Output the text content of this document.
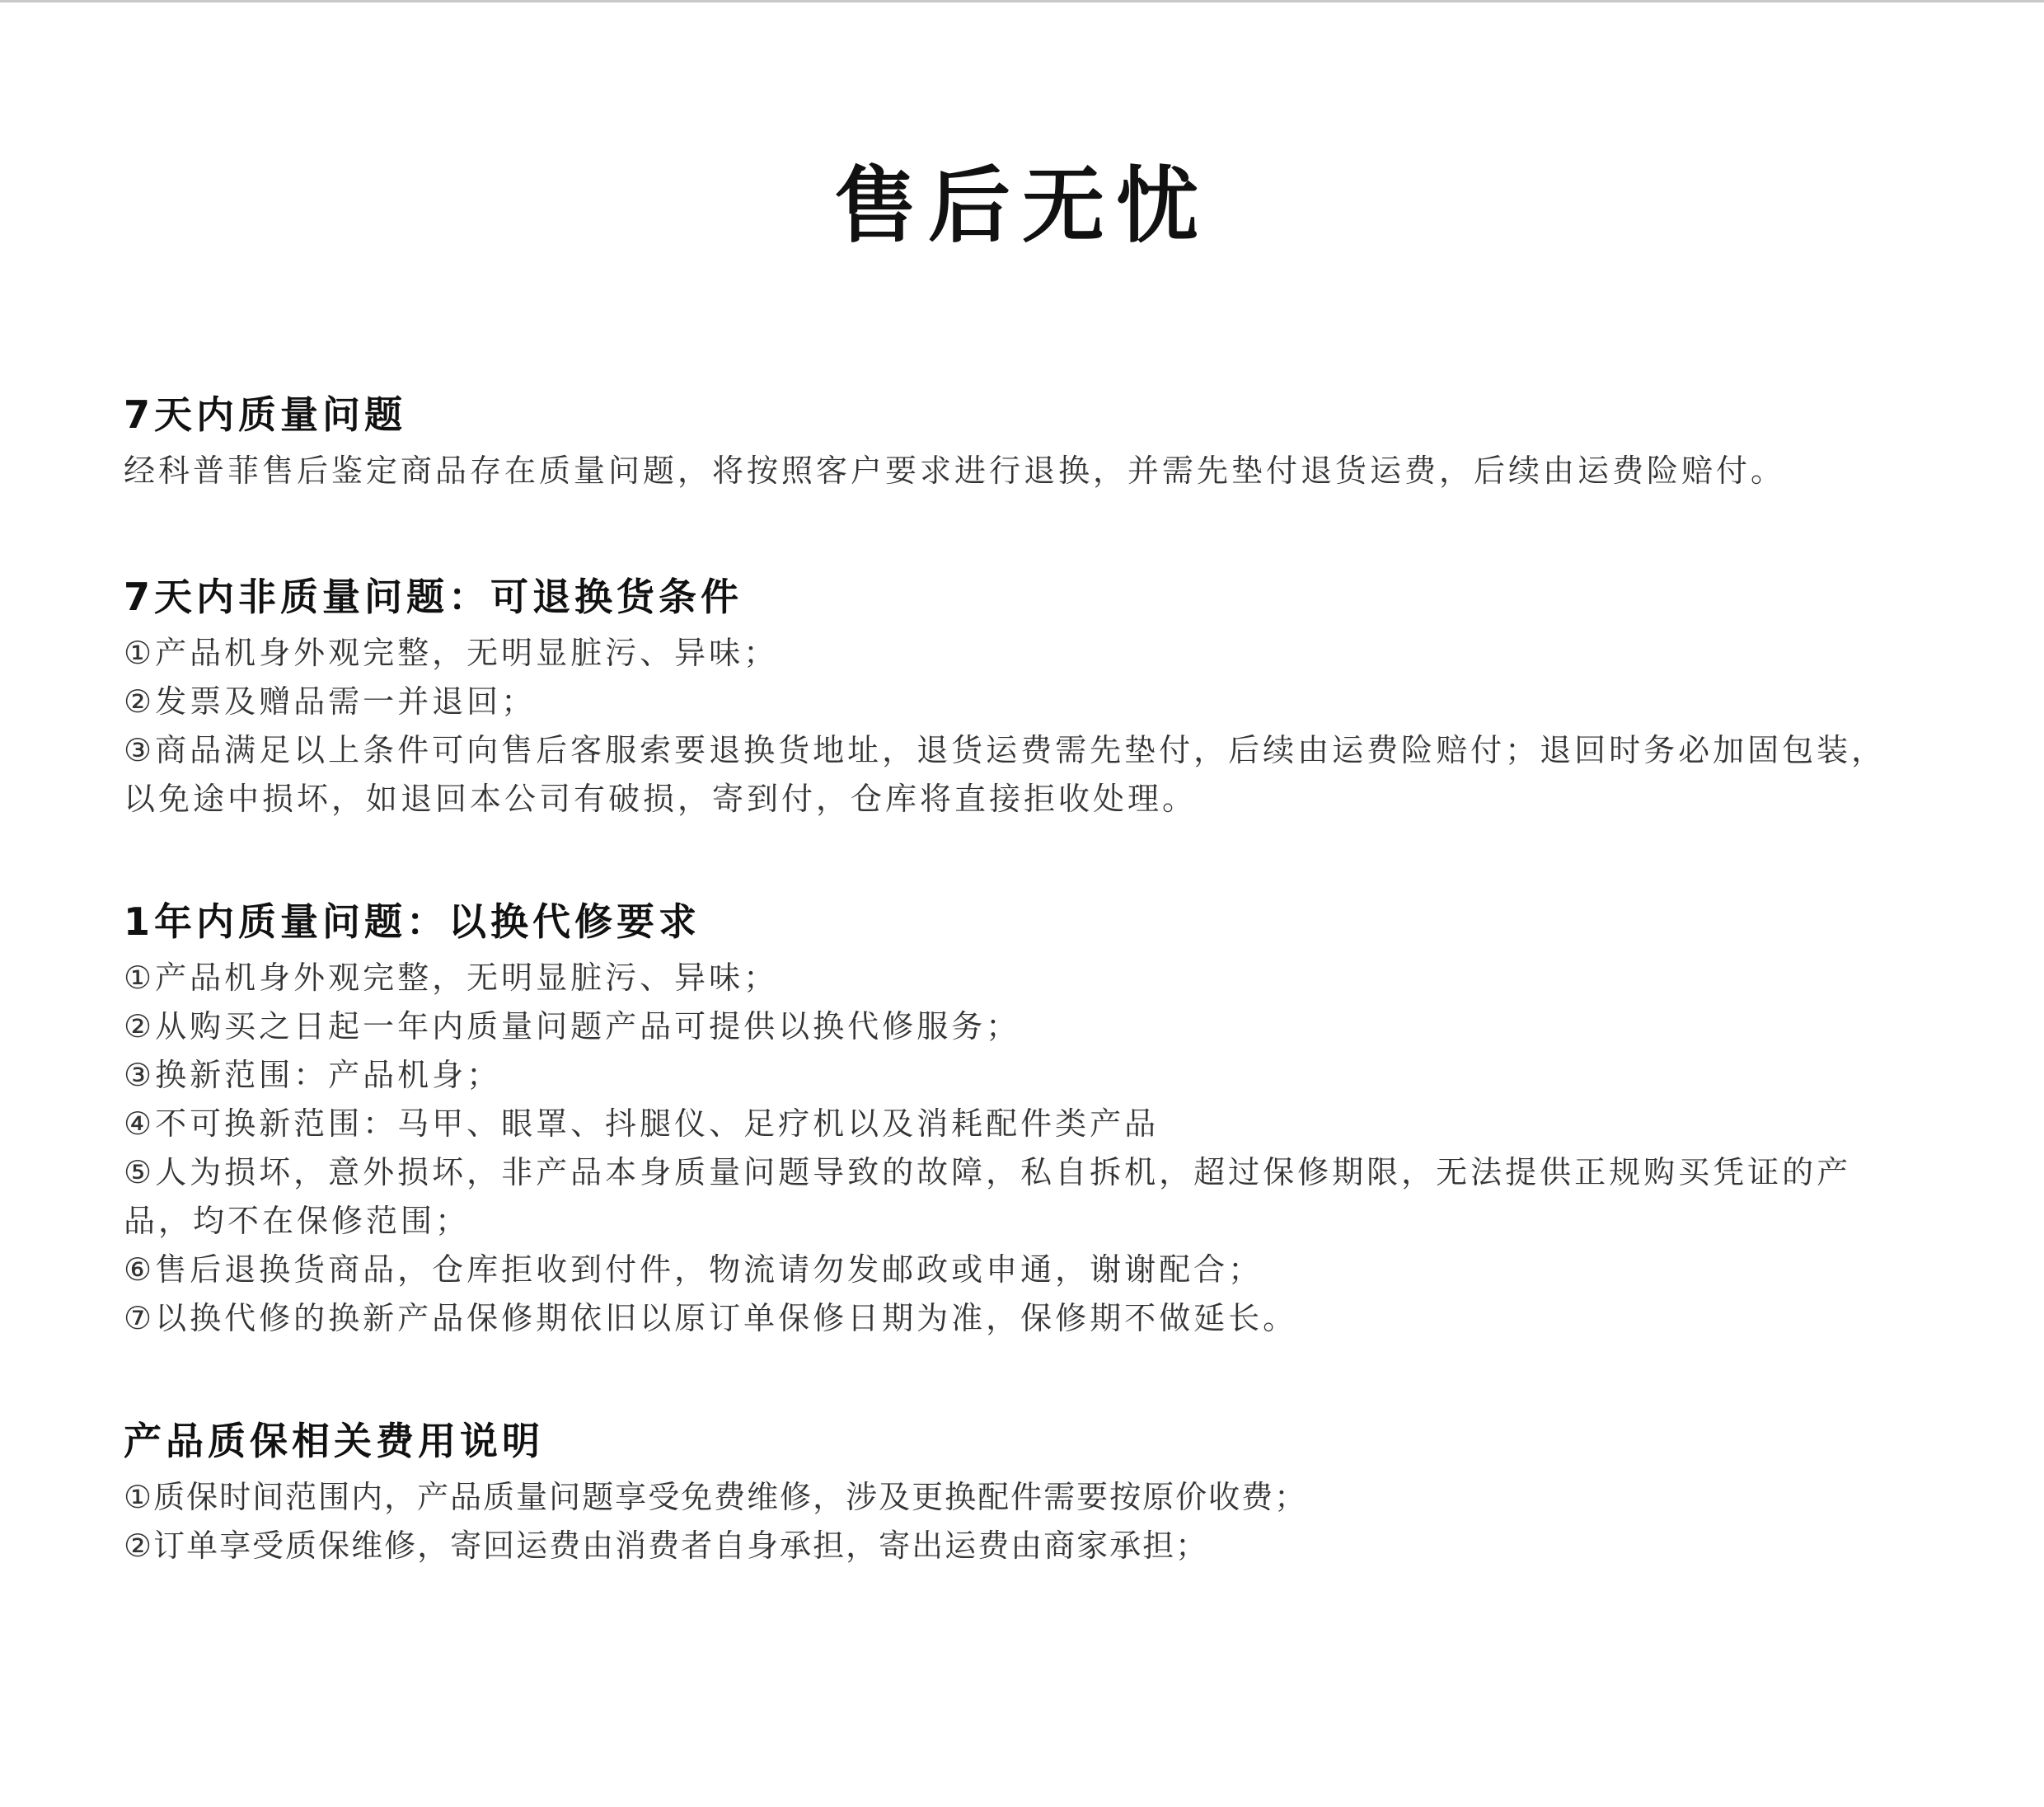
售后无忧
7天内质量问题

经科普菲售后鉴定商品存在质量问题，将按照客户要求进行退换，并需先垫付退货运费，后续由运费险赔付。

7天内非质量问题：可退换货条件

①产品机身外观完整，无明显脏污、异味；

②发票及赠品需一并退回；

③商品满足以上条件可向售后客服索要退换货地址，退货运费需先垫付，后续由运费险赔付；退回时务必加固包装，以免途中损坏，如退回本公司有破损，寄到付，仓库将直接拒收处理。

1年内质量问题：以换代修要求

①产品机身外观完整，无明显脏污、异味；

②从购买之日起一年内质量问题产品可提供以换代修服务；

③换新范围：产品机身；

④不可换新范围：马甲、眼罩、抖腿仪、足疗机以及消耗配件类产品

⑤人为损坏，意外损坏，非产品本身质量问题导致的故障，私自拆机，超过保修期限，无法提供正规购买凭证的产品，均不在保修范围；

⑥售后退换货商品，仓库拒收到付件，物流请勿发邮政或申通，谢谢配合；

⑦以换代修的换新产品保修期依旧以原订单保修日期为准，保修期不做延长。

产品质保相关费用说明

①质保时间范围内，产品质量问题享受免费维修，涉及更换配件需要按原价收费；

②订单享受质保维修，寄回运费由消费者自身承担，寄出运费由商家承担；
